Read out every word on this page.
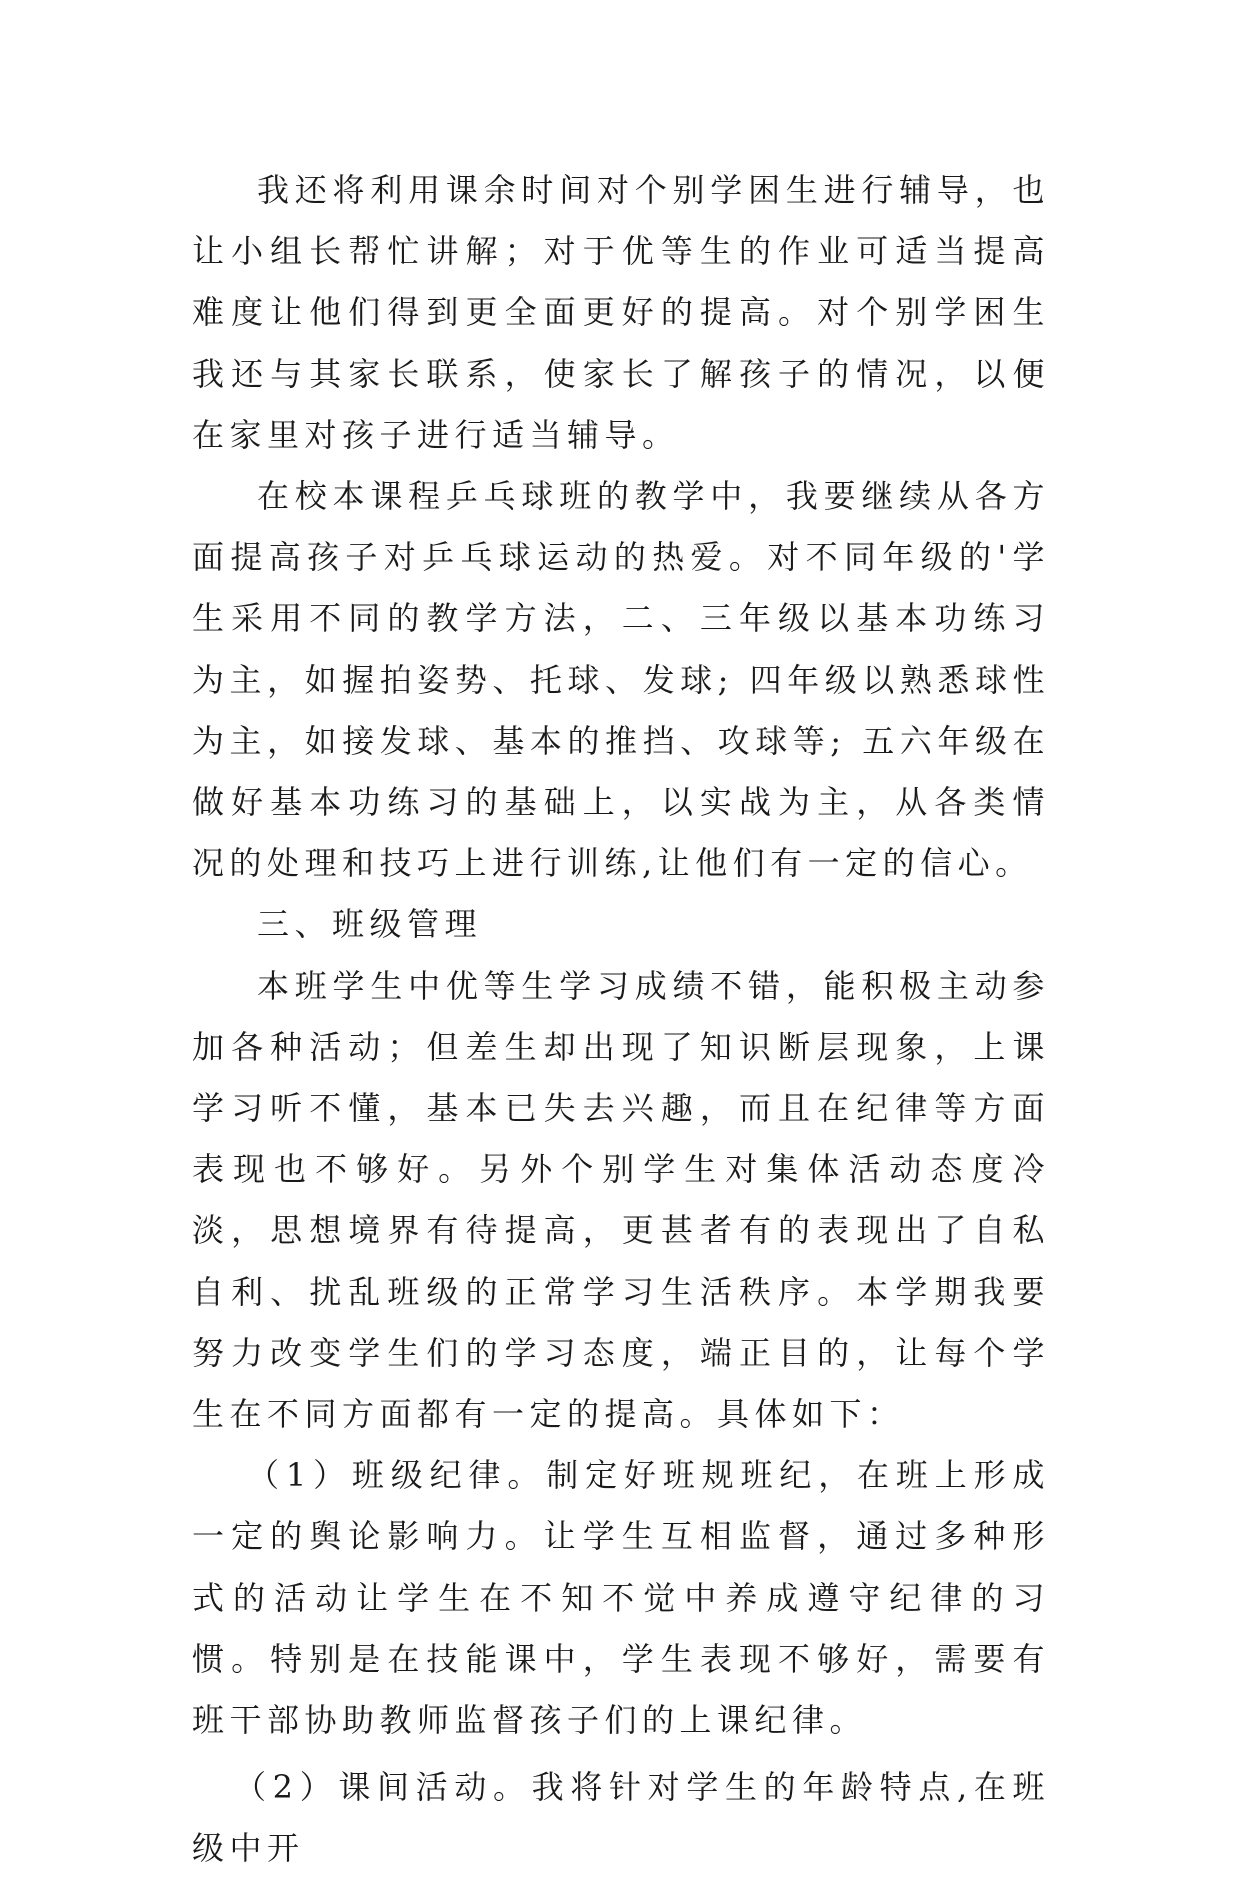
我还将利用课余时间对个别学困生进行辅导，也让小组长帮忙讲解；对于优等生的作业可适当提高难度让他们得到更全面更好的提高。对个别学困生我还与其家长联系，使家长了解孩子的情况，以便在家里对孩子进行适当辅导。

在校本课程乒乓球班的教学中，我要继续从各方面提高孩子对乒乓球运动的热爱。对不同年级的'学生采用不同的教学方法，二、三年级以基本功练习为主，如握拍姿势、托球、发球; 四年级以熟悉球性为主，如接发球、基本的推挡、攻球等; 五六年级在做好基本功练习的基础上，以实战为主，从各类情况的处理和技巧上进行训练,让他们有一定的信心。

三、班级管理

本班学生中优等生学习成绩不错，能积极主动参加各种活动；但差生却出现了知识断层现象，上课学习听不懂，基本已失去兴趣，而且在纪律等方面表现也不够好。另外个别学生对集体活动态度冷淡，思想境界有待提高，更甚者有的表现出了自私自利、扰乱班级的正常学习生活秩序。本学期我要努力改变学生们的学习态度，端正目的，让每个学生在不同方面都有一定的提高。具体如下：

（1）班级纪律。制定好班规班纪，在班上形成一定的舆论影响力。让学生互相监督，通过多种形式的活动让学生在不知不觉中养成遵守纪律的习惯。特别是在技能课中，学生表现不够好，需要有班干部协助教师监督孩子们的上课纪律。

（2）课间活动。我将针对学生的年龄特点,在班级中开
